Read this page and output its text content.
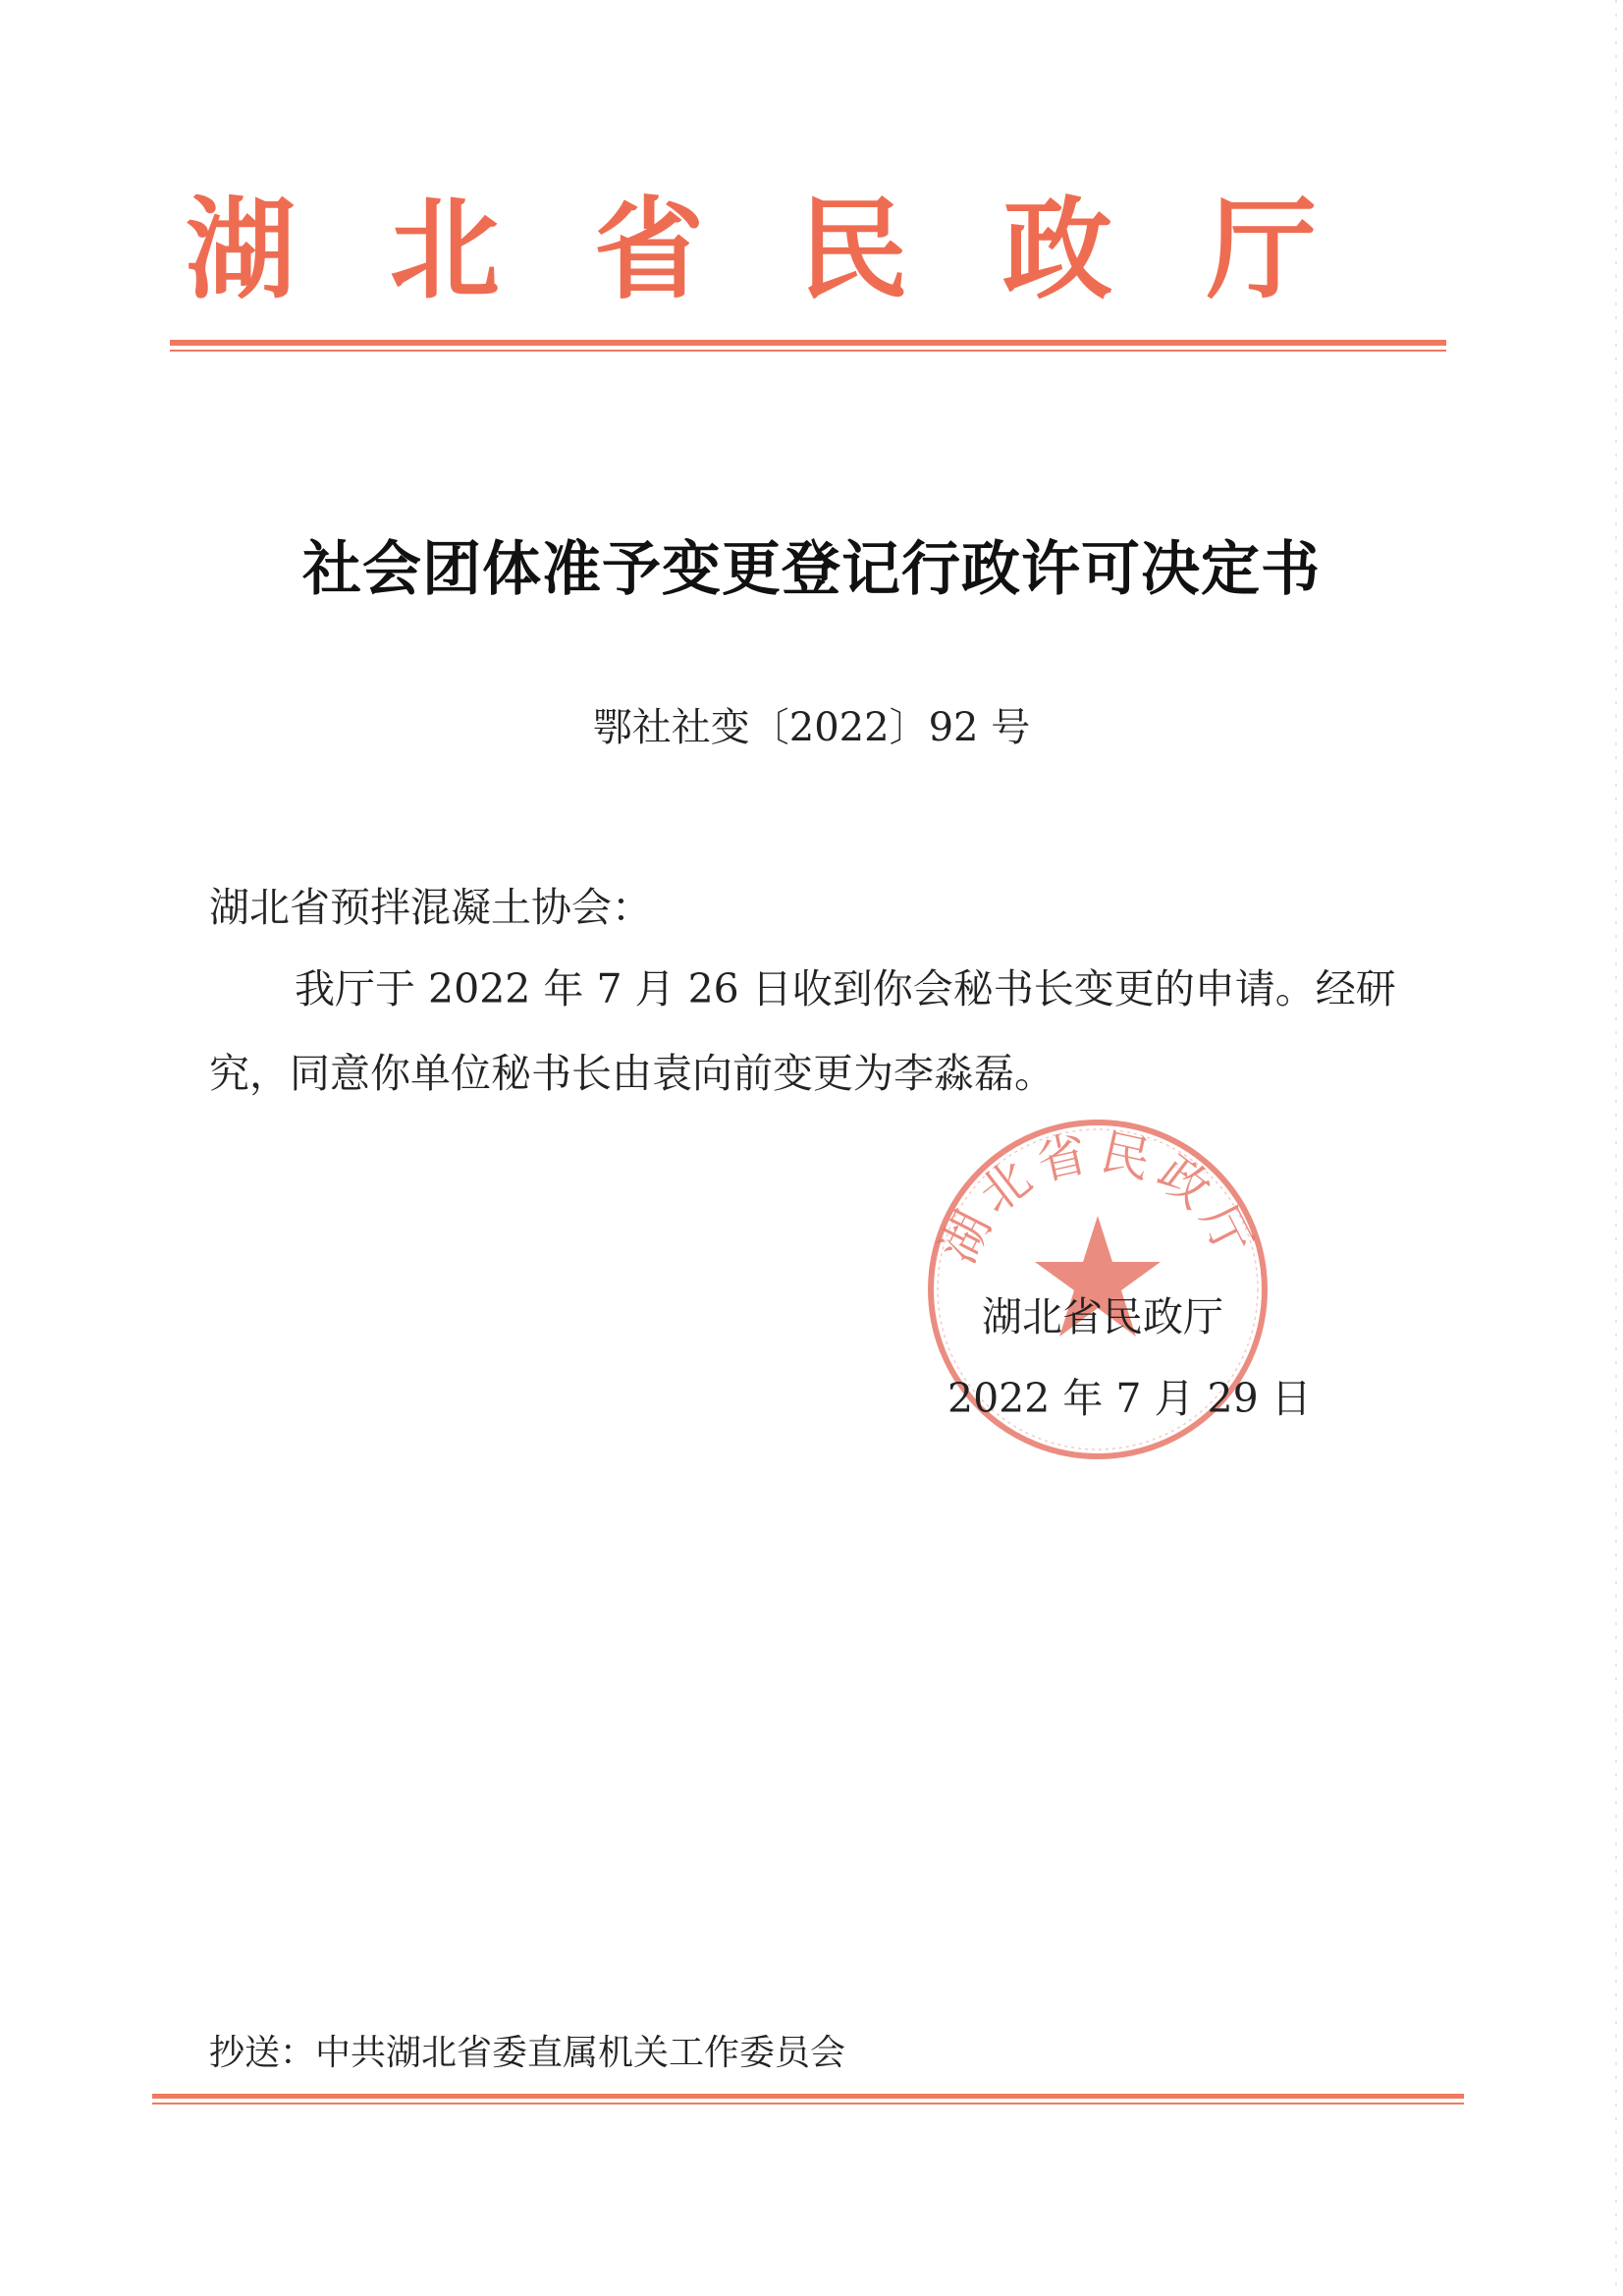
湖 北 省 民 政 厅
社会团体准予变更登记行政许可决定书
鄂社社变〔2022〕92 号
湖北省预拌混凝土协会：
我厅于 2022 年 7 月 26 日收到你会秘书长变更的申请。经研
究，同意你单位秘书长由袁向前变更为李淼磊。
湖北省民政厅
湖北省民政厅
2022 年 7 月 29 日
抄送：中共湖北省委直属机关工作委员会
